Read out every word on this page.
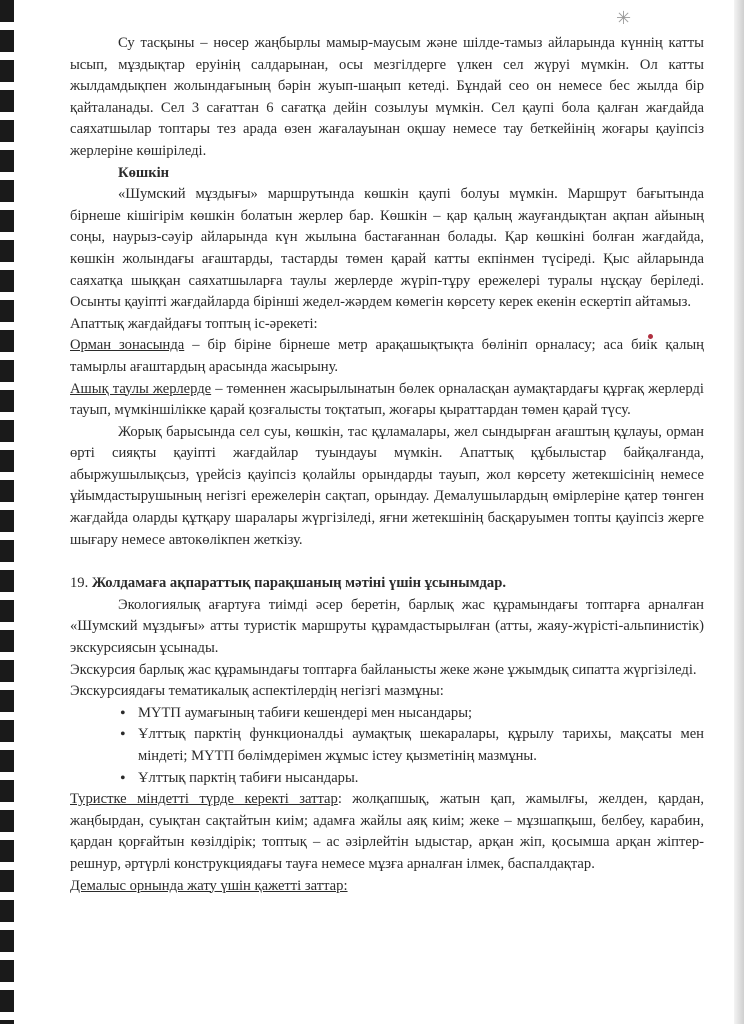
✳

Су тасқыны – нөсер жаңбырлы мамыр-маусым және шілде-тамыз айларында күннің катты ысып, мұздықтар еруінің салдарынан, осы мезгілдерге үлкен сел жүруі мүмкін. Ол катты жылдамдықпен жолындағының бәрін жуып-шаңып кетеді. Бұндай сео он немесе бес жылда бір қайталанады. Сел 3 сағаттан 6 сағатқа дейін созылуы мүмкін. Сел қаупі бола қалған жағдайда саяхатшылар топтары тез арада өзен жағалауынан оқшау немесе тау беткейінің жоғары қауіпсіз жерлеріне көшіріледі.

Көшкін

«Шумский мұздығы» маршрутында көшкін қаупі болуы мүмкін. Маршрут бағытында бірнеше кішігірім көшкін болатын жерлер бар. Көшкін – қар қалың жауғандықтан ақпан айының соңы, наурыз-сәуір айларында күн жылына бастағаннан болады. Қар көшкіні болған жағдайда, көшкін жолындағы ағаштарды, тастарды төмен қарай катты екпінмен түсіреді. Қыс айларында саяхатқа шыққан саяхатшыларға таулы жерлерде жүріп-тұру ережелері туралы нұсқау беріледі. Осынты қауіпті жағдайларда бірінші жедел-жәрдем көмегін көрсету керек екенін ескертіп айтамыз.

Апаттық жағдайдағы топтың іс-әрекеті:

Орман зонасында – бір біріне бірнеше метр арақашықтықта бөлініп орналасу; аса биік қалың тамырлы ағаштардың арасында жасырыну.

Ашық таулы жерлерде – төменнен жасырылынатын бөлек орналасқан аумақтардағы құрғақ жерлерді тауып, мүмкіншілікке қарай қозғалысты тоқтатып, жоғары қыраттардан төмен қарай түсу.

Жорық барысында сел суы, көшкін, тас құламалары, жел сындырған ағаштың құлауы, орман өрті сияқты қауіпті жағдайлар туындауы мүмкін. Апаттық құбылыстар байқалғанда, абыржушылықсыз, үрейсіз қауіпсіз қолайлы орындарды тауып, жол көрсету жетекшісінің немесе ұйымдастырушының негізгі ережелерін сақтап, орындау. Демалушылардың өмірлеріне қатер төнген жағдайда оларды құтқару шаралары жүргізіледі, яғни жетекшінің басқаруымен топты қауіпсіз жерге шығару немесе автокөлікпен жеткізу.

19. Жолдамаға ақпараттық парақшаның мәтіні үшін ұсынымдар.

Экологиялық ағартуға тиімді әсер беретін, барлық жас құрамындағы топтарға арналған «Шумский мұздығы» атты туристік маршруты құрамдастырылған (атты, жаяу-жүрісті-альпинистік) экскурсиясын ұсынады.

Экскурсия барлық жас құрамындағы топтарға байланысты жеке және ұжымдық сипатта жүргізіледі.

Экскурсиядағы тематикалық аспектілердің негізгі мазмұны:

• МҮТП аумағының табиғи кешендері мен нысандары;
• Ұлттық парктің функционалдьі аумақтық шекаралары, құрылу тарихы, мақсаты мен міндеті; МҮТП бөлімдерімен жұмыс істеу қызметінің мазмұны.
• Ұлттық парктің табиғи нысандары.

Туристке міндетті түрде керекті заттар: жолқапшық, жатын қап, жамылғы, желден, қардан, жаңбырдан, суықтан сақтайтын киім; адамға жайлы аяқ киім; жеке – мұзшапқыш, белбеу, карабин, қардан қорғайтын көзілдірік; топтық – ас әзірлейтін ыдыстар, арқан жіп, қосымша арқан жіптер-решнур, әртүрлі конструкциядағы тауға немесе мұзға арналған ілмек, баспалдақтар.

Демалыс орнында жату үшін қажетті заттар:
